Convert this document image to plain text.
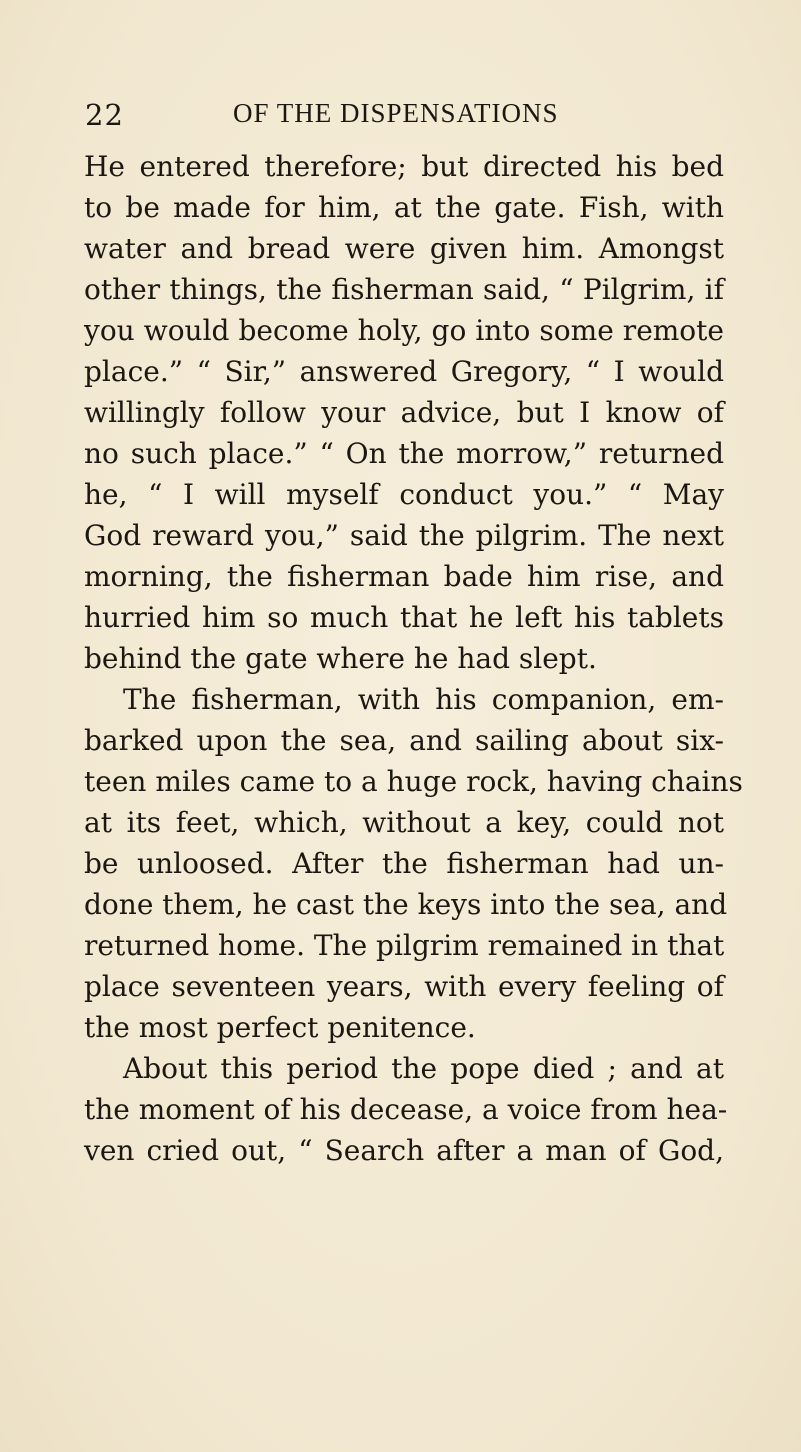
22	OF THE DISPENSATIONS
He entered therefore; but directed his bed
to be made for him, at the gate. Fish, with
water and bread were given him. Amongst
other things, the fisherman said, “ Pilgrim, if
you would become holy, go into some remote
place.” “ Sir,” answered Gregory, “ I would
willingly follow your advice, but I know of
no such place.” “ On the morrow,” returned
he, “ I will myself conduct you.” “ May
God reward you,” said the pilgrim. The next
morning, the fisherman bade him rise, and
hurried him so much that he left his tablets
behind the gate where he had slept.
The fisherman, with his companion, em-
barked upon the sea, and sailing about six-
teen miles came to a huge rock, having chains
at its feet, which, without a key, could not
be unloosed. After the fisherman had un-
done them, he cast the keys into the sea, and
returned home. The pilgrim remained in that
place seventeen years, with every feeling of
the most perfect penitence.
About this period the pope died ; and at
the moment of his decease, a voice from hea-
ven cried out, “ Search after a man of God,
